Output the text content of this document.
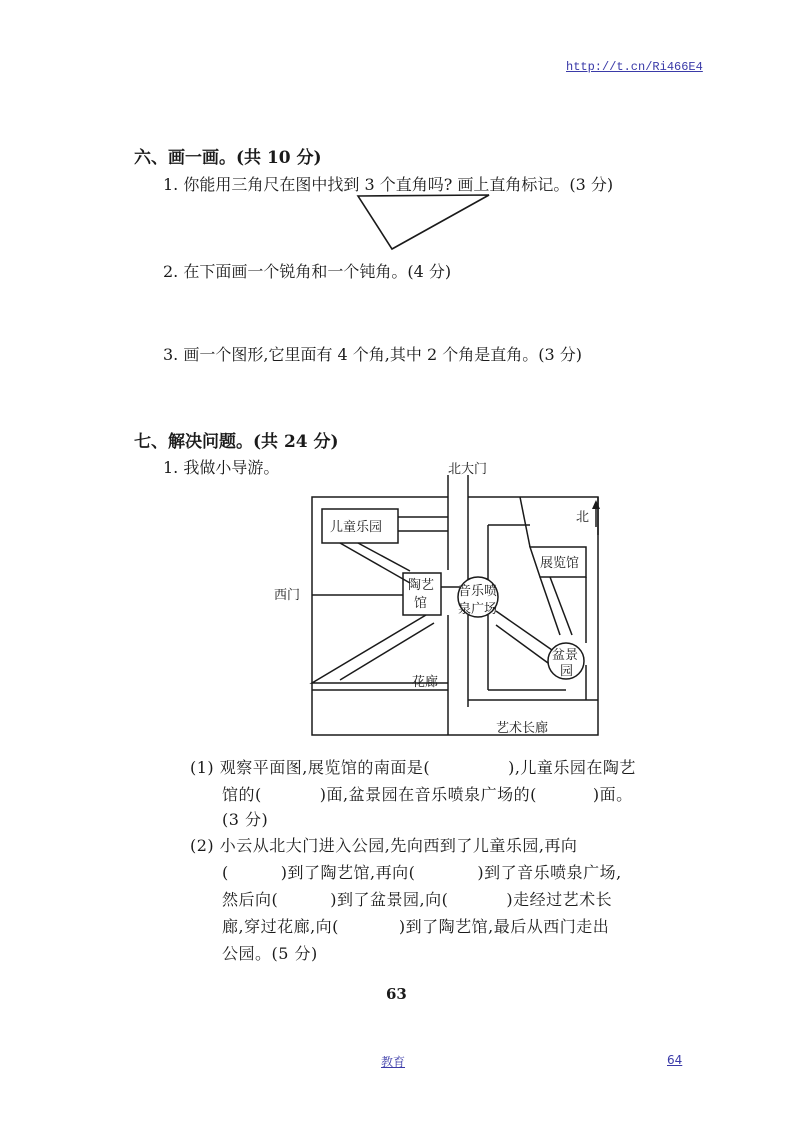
http://t.cn/Ri466E4
六、画一画。(共 10 分)
1. 你能用三角尺在图中找到 3 个直角吗? 画上直角标记。(3 分)
2. 在下面画一个锐角和一个钝角。(4 分)
3. 画一个图形,它里面有 4 个角,其中 2 个角是直角。(3 分)
七、解决问题。(共 24 分)
1. 我做小导游。	北大门
北
儿童乐园
展览馆
西门
陶艺
馆
音乐喷
泉广场
盆景
园
花廊
艺术长廊
(1) 观察平面图,展览馆的南面是(	),儿童乐园在陶艺
馆的(	)面,盆景园在音乐喷泉广场的(	)面。
(3 分)
(2) 小云从北大门进入公园,先向西到了儿童乐园,再向
(	)到了陶艺馆,再向(	)到了音乐喷泉广场,
然后向(	)到了盆景园,向(	)走经过艺术长
廊,穿过花廊,向(	)到了陶艺馆,最后从西门走出
公园。(5 分)
63
教育	64
